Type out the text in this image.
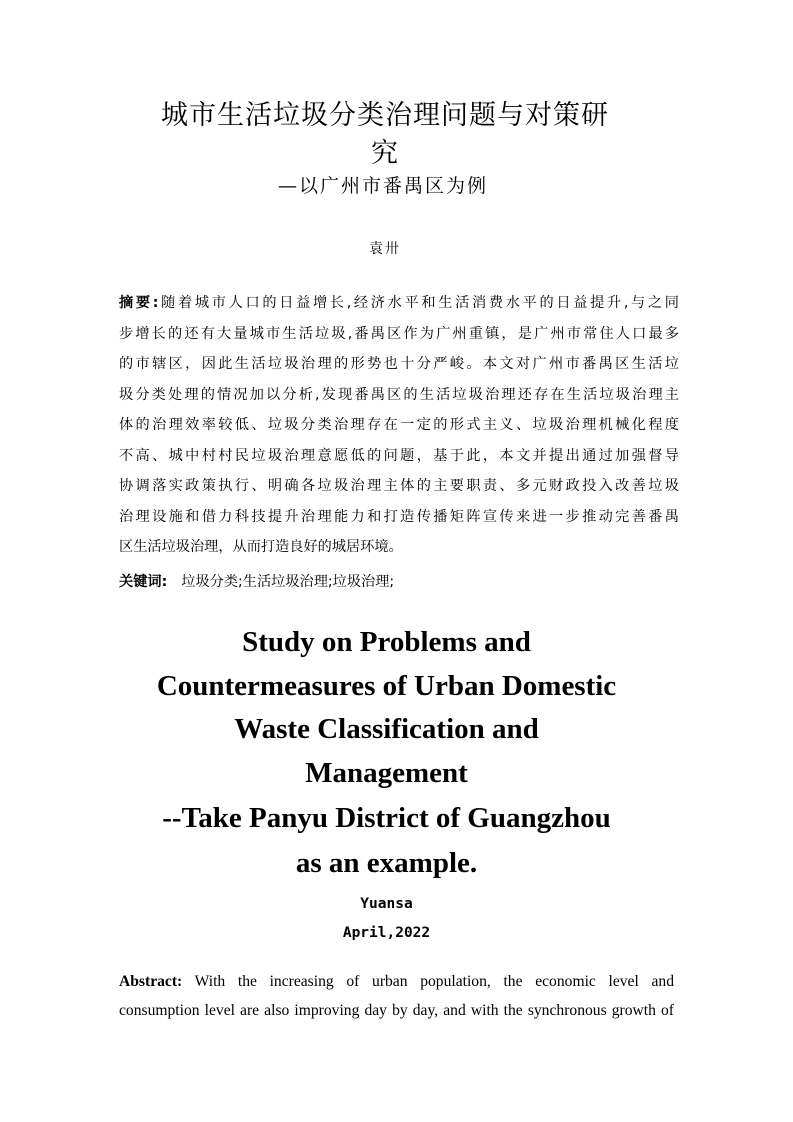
城市生活垃圾分类治理问题与对策研
究
—以广州市番禺区为例
袁卅
摘要:随着城市人口的日益增长,经济水平和生活消费水平的日益提升,与之同
步增长的还有大量城市生活垃圾,番禺区作为广州重镇，是广州市常住人口最多
的市辖区，因此生活垃圾治理的形势也十分严峻。本文对广州市番禺区生活垃
圾分类处理的情况加以分析,发现番禺区的生活垃圾治理还存在生活垃圾治理主
体的治理效率较低、垃圾分类治理存在一定的形式主义、垃圾治理机械化程度
不高、城中村村民垃圾治理意愿低的问题，基于此，本文并提出通过加强督导
协调落实政策执行、明确各垃圾治理主体的主要职责、多元财政投入改善垃圾
治理设施和借力科技提升治理能力和打造传播矩阵宣传来进一步推动完善番禺
区生活垃圾治理，从而打造良好的城居环境。
关键词: 垃圾分类;生活垃圾治理;垃圾治理;
Study on Problems and
Countermeasures of Urban Domestic
Waste Classification and
Management
--Take Panyu District of Guangzhou
as an example.
Yuansa
April,2022
Abstract: With the increasing of urban population, the economic level and
consumption level are also improving day by day, and with the synchronous growth of
